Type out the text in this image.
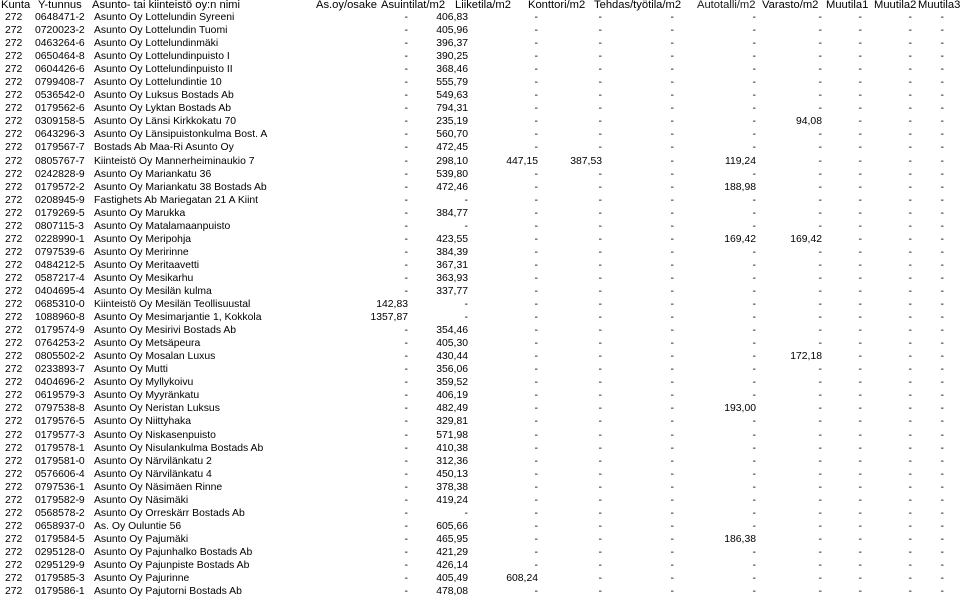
Kunta Y-tunnus Asunto- tai kiinteistö oy:n nimi	As.oy/osake Asuintilat/m2 Liiketila/m2 Konttori/m2 Tehdas/työtila/m2 Autotalli/m2 Varasto/m2 Muutila1 Muutila2 Muutila3
272 0648471-2 Asunto Oy Lottelundin Syreeni	-	406,83	-	-	-	-	-	-	-	-
272 0720023-2 Asunto Oy Lottelundin Tuomi	-	405,96	-	-	-	-	-	-	-	-
272 0463264-6 Asunto Oy Lottelundinmäki	-	396,37	-	-	-	-	-	-	-	-
272 0650464-8 Asunto Oy Lottelundinpuisto I	-	390,25	-	-	-	-	-	-	-	-
272 0604426-6 Asunto Oy Lottelundinpuisto II	-	368,46	-	-	-	-	-	-	-	-
272 0799408-7 Asunto Oy Lottelundintie 10	-	555,79	-	-	-	-	-	-	-	-
272 0536542-0 Asunto Oy Luksus Bostads Ab	-	549,63	-	-	-	-	-	-	-	-
272 0179562-6 Asunto Oy Lyktan Bostads Ab	-	794,31	-	-	-	-	-	-	-	-
272 0309158-5 Asunto Oy Länsi Kirkkokatu 70	-	235,19	-	-	-	-	94,08	-	-	-
272 0643296-3 Asunto Oy Länsipuistonkulma Bost. A	-	560,70	-	-	-	-	-	-	-	-
272 0179567-7 Bostads Ab Maa-Ri Asunto Oy	-	472,45	-	-	-	-	-	-	-	-
272 0805767-7 Kiinteistö Oy Mannerheiminaukio 7	-	298,10	447,15	387,53	-	119,24	-	-	-	-
272 0242828-9 Asunto Oy Mariankatu 36	-	539,80	-	-	-	-	-	-	-	-
272 0179572-2 Asunto Oy Mariankatu 38 Bostads Ab	-	472,46	-	-	-	188,98	-	-	-	-
272 0208945-9 Fastighets Ab Mariegatan 21 A Kiint	-	-	-	-	-	-	-	-	-	-
272 0179269-5 Asunto Oy Marukka	-	384,77	-	-	-	-	-	-	-	-
272 0807115-3 Asunto Oy Matalamaanpuisto	-	-	-	-	-	-	-	-	-	-
272 0228990-1 Asunto Oy Meripohja	-	423,55	-	-	-	169,42	169,42	-	-	-
272 0797539-6 Asunto Oy Meririnne	-	384,39	-	-	-	-	-	-	-	-
272 0484212-5 Asunto Oy Meritaavetti	-	367,31	-	-	-	-	-	-	-	-
272 0587217-4 Asunto Oy Mesikarhu	-	363,93	-	-	-	-	-	-	-	-
272 0404695-4 Asunto Oy Mesilän kulma	-	337,77	-	-	-	-	-	-	-	-
272 0685310-0 Kiinteistö Oy Mesilän Teollisuustal	142,83	-	-	-	-	-	-	-	-	-
272 1088960-8 Asunto Oy Mesimarjantie 1, Kokkola	1357,87	-	-	-	-	-	-	-	-	-
272 0179574-9 Asunto Oy Mesirivi Bostads Ab	-	354,46	-	-	-	-	-	-	-	-
272 0764253-2 Asunto Oy Metsäpeura	-	405,30	-	-	-	-	-	-	-	-
272 0805502-2 Asunto Oy Mosalan Luxus	-	430,44	-	-	-	-	172,18	-	-	-
272 0233893-7 Asunto Oy Mutti	-	356,06	-	-	-	-	-	-	-	-
272 0404696-2 Asunto Oy Myllykoivu	-	359,52	-	-	-	-	-	-	-	-
272 0619579-3 Asunto Oy Myyränkatu	-	406,19	-	-	-	-	-	-	-	-
272 0797538-8 Asunto Oy Neristan Luksus	-	482,49	-	-	-	193,00	-	-	-	-
272 0179576-5 Asunto Oy Niittyhaka	-	329,81	-	-	-	-	-	-	-	-
272 0179577-3 Asunto Oy Niskasenpuisto	-	571,98	-	-	-	-	-	-	-	-
272 0179578-1 Asunto Oy Nisulankulma Bostads Ab	-	410,38	-	-	-	-	-	-	-	-
272 0179581-0 Asunto Oy Närvilänkatu 2	-	312,36	-	-	-	-	-	-	-	-
272 0576606-4 Asunto Oy Närvilänkatu 4	-	450,13	-	-	-	-	-	-	-	-
272 0797536-1 Asunto Oy Näsimäen Rinne	-	378,38	-	-	-	-	-	-	-	-
272 0179582-9 Asunto Oy Näsimäki	-	419,24	-	-	-	-	-	-	-	-
272 0568578-2 Asunto Oy Orreskärr Bostads Ab	-	-	-	-	-	-	-	-	-	-
272 0658937-0 As. Oy Ouluntie 56	-	605,66	-	-	-	-	-	-	-	-
272 0179584-5 Asunto Oy Pajumäki	-	465,95	-	-	-	186,38	-	-	-	-
272 0295128-0 Asunto Oy Pajunhalko Bostads Ab	-	421,29	-	-	-	-	-	-	-	-
272 0295129-9 Asunto Oy Pajunpiste Bostads Ab	-	426,14	-	-	-	-	-	-	-	-
272 0179585-3 Asunto Oy Pajurinne	-	405,49	608,24	-	-	-	-	-	-	-
272 0179586-1 Asunto Oy Pajutorni Bostads Ab	-	478,08	-	-	-	-	-	-	-	-
